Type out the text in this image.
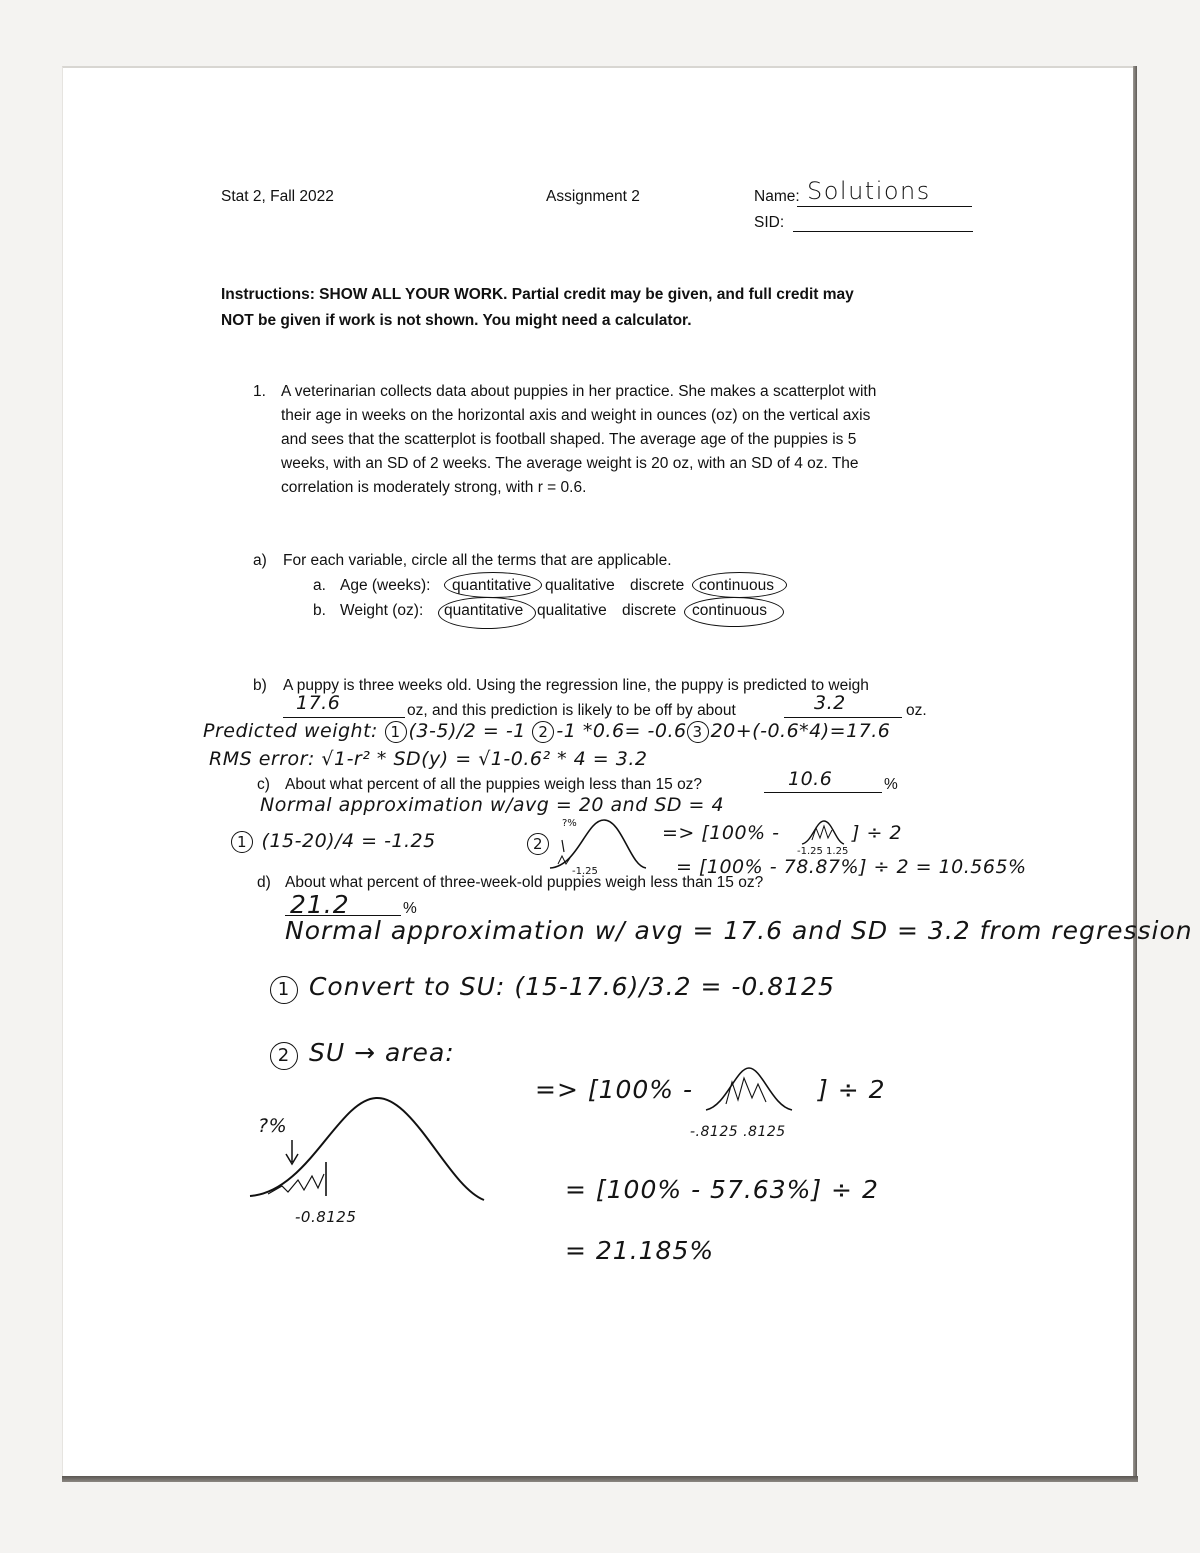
Stat 2, Fall 2022	Assignment 2	Name: Solutions
SID:
Instructions: SHOW ALL YOUR WORK. Partial credit may be given, and full credit may
NOT be given if work is not shown. You might need a calculator.
1. A veterinarian collects data about puppies in her practice. She makes a scatterplot with
their age in weeks on the horizontal axis and weight in ounces (oz) on the vertical axis
and sees that the scatterplot is football shaped. The average age of the puppies is 5
weeks, with an SD of 2 weeks. The average weight is 20 oz, with an SD of 4 oz. The
correlation is moderately strong, with r = 0.6.
a) For each variable, circle all the terms that are applicable.
a. Age (weeks): quantitative qualitative discrete continuous
b. Weight (oz): quantitative qualitative discrete continuous
b) A puppy is three weeks old. Using the regression line, the puppy is predicted to weigh
17.6	oz, and this prediction is likely to be off by about	3.2	oz.
Predicted weight: 1 (3-5)/2 = -1 2 -1 *0.6= -0.6 3 20+(-0.6*4)=17.6
RMS error: √1-r² * SD(y) = √1-0.6² * 4 = 3.2
c) About what percent of all the puppies weigh less than 15 oz?	10.6	%
Normal approximation w/avg = 20 and SD = 4
1 (15-20)/4 = -1.25	2
?%
-1.25
=> [100% -	] ÷ 2
-1.25 1.25
= [100% - 78.87%] ÷ 2 = 10.565%
d) About what percent of three-week-old puppies weigh less than 15 oz?
21.2	%
Normal approximation w/ avg = 17.6 and SD = 3.2 from regression
1 Convert to SU: (15-17.6)/3.2 = -0.8125
2 SU → area:
?%
-0.8125
=> [100% -	] ÷ 2
-.8125 .8125
= [100% - 57.63%] ÷ 2
= 21.185%
